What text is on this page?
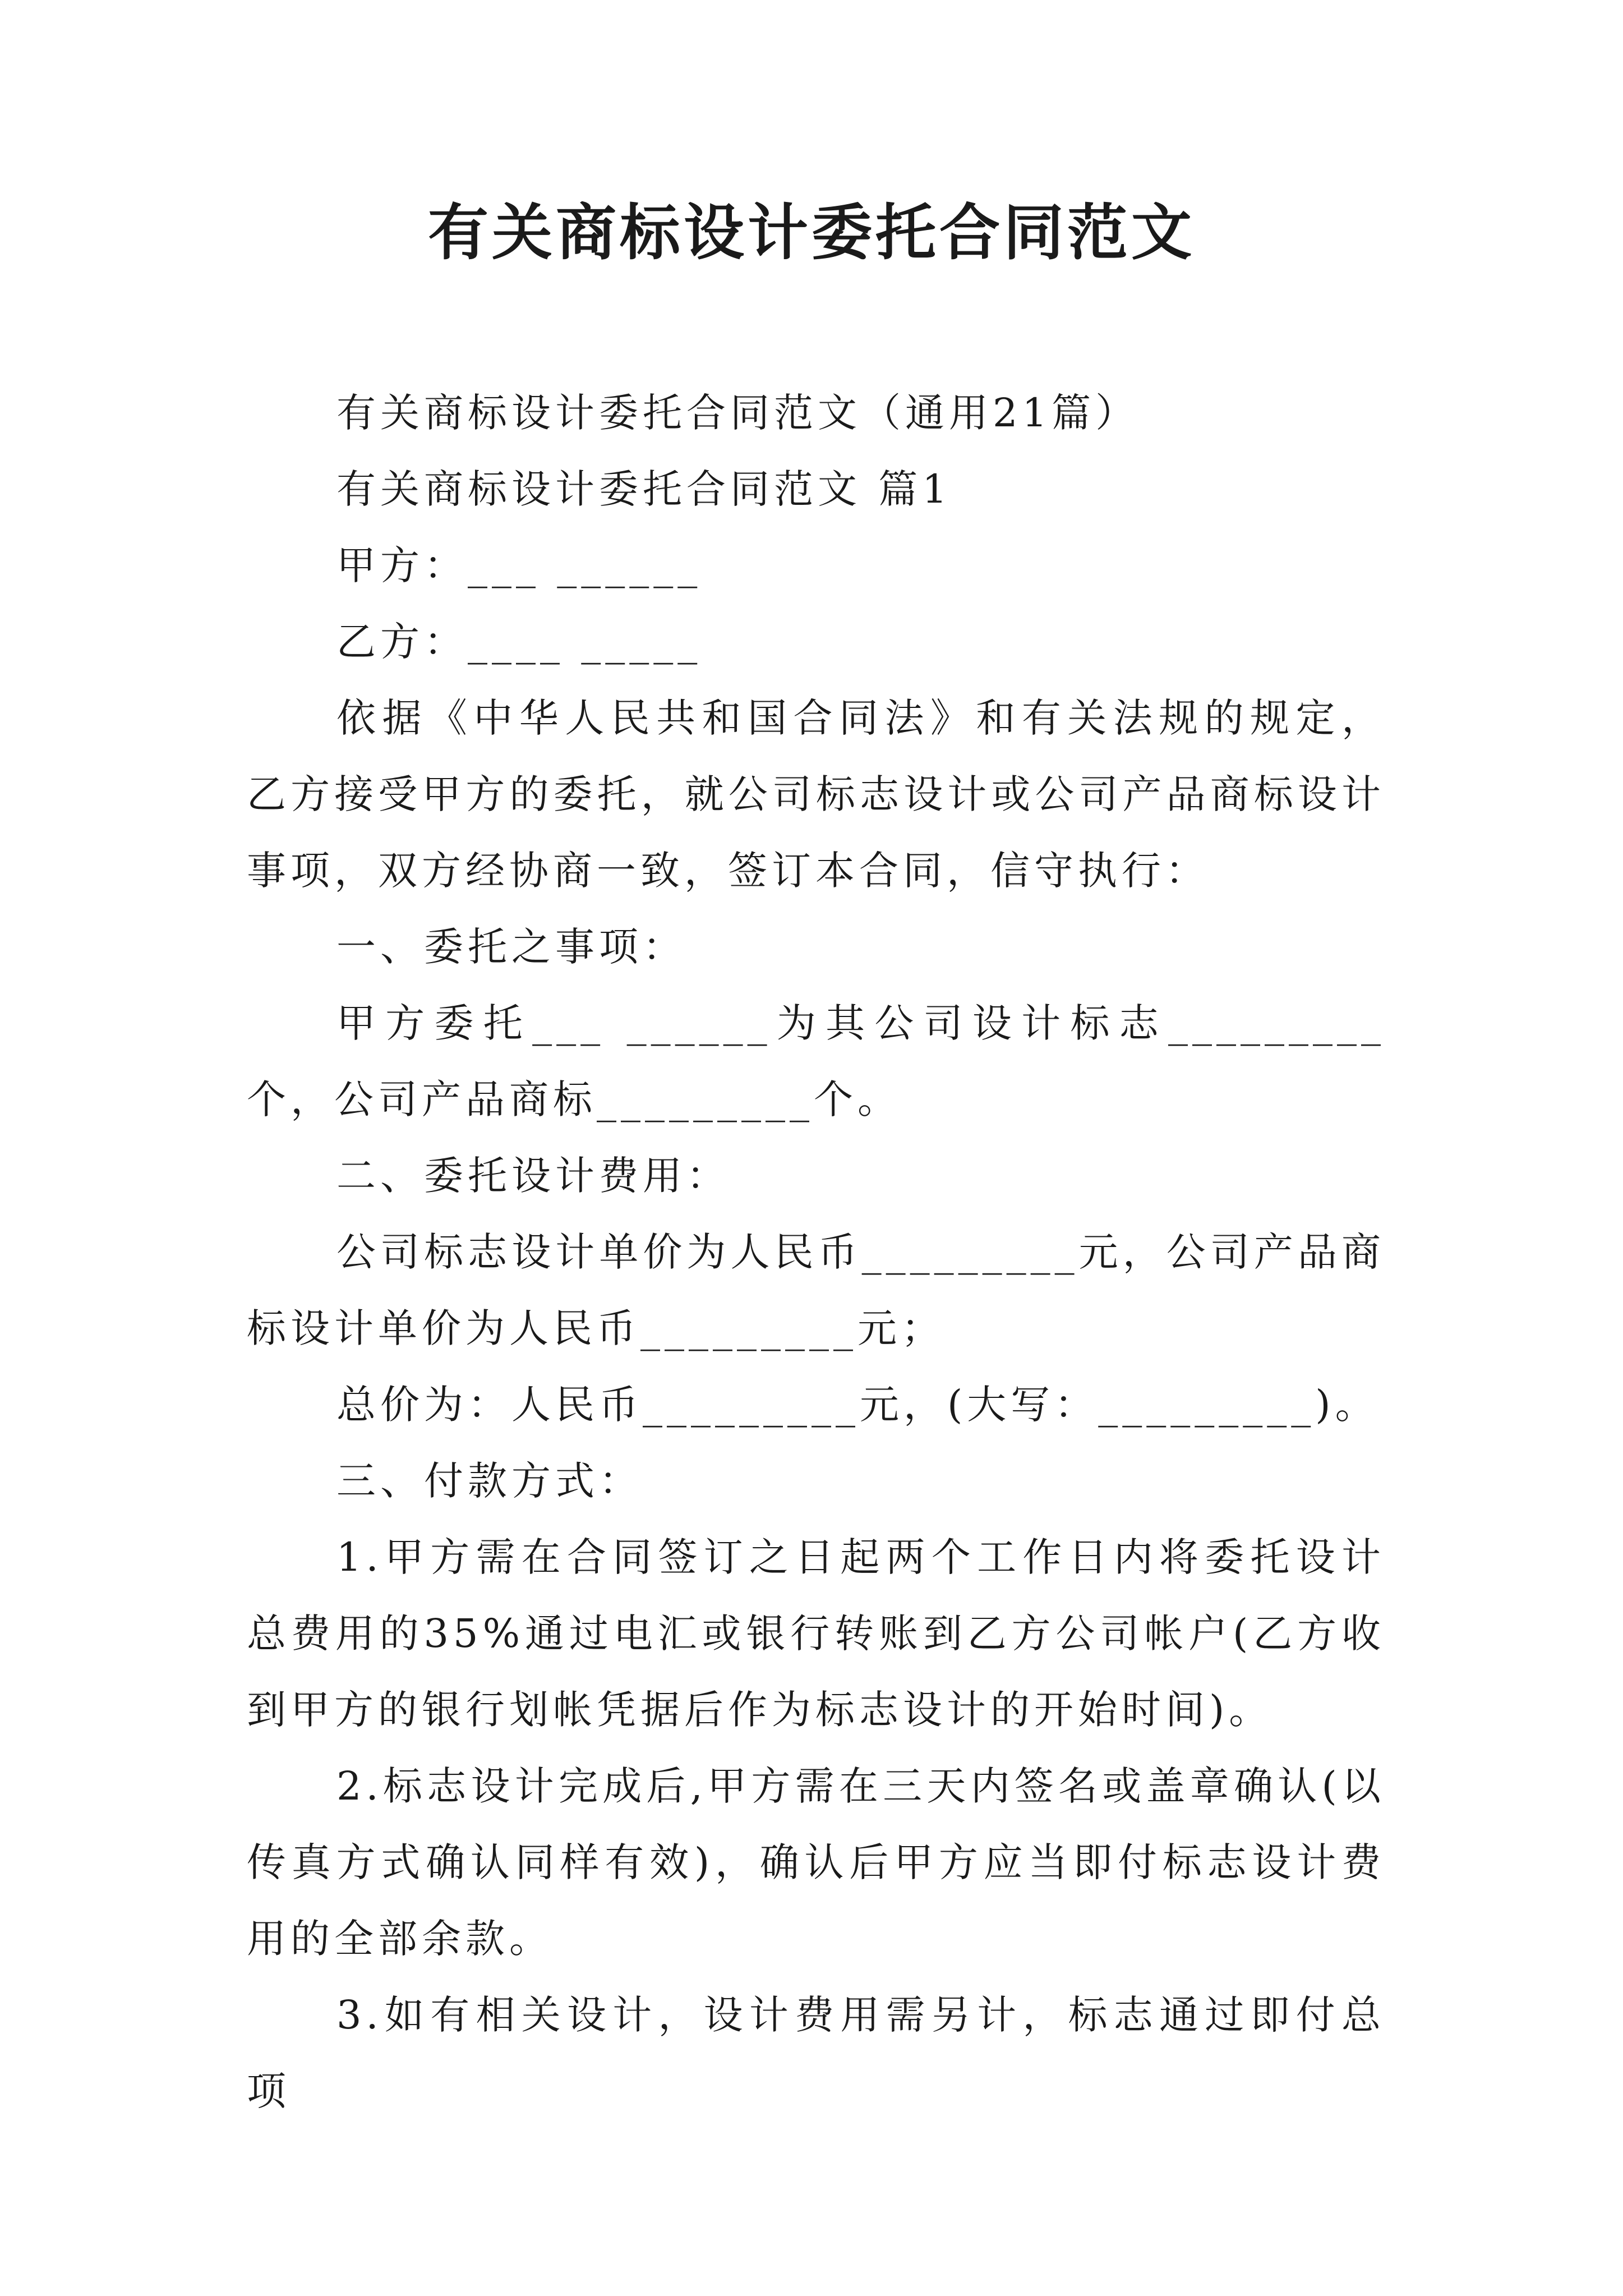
有关商标设计委托合同范文

有关商标设计委托合同范文（通用21篇）

有关商标设计委托合同范文 篇1

甲方：___ ______

乙方：____ _____

依据《中华人民共和国合同法》和有关法规的规定，乙方接受甲方的委托，就公司标志设计或公司产品商标设计事项，双方经协商一致，签订本合同，信守执行：

一、委托之事项：

甲方委托___ ______为其公司设计标志_________个，公司产品商标_________个。

二、委托设计费用：

公司标志设计单价为人民币_________元，公司产品商标设计单价为人民币_________元；

总价为：人民币_________元，(大写：_________)。

三、付款方式：

1.甲方需在合同签订之日起两个工作日内将委托设计总费用的35%通过电汇或银行转账到乙方公司帐户(乙方收到甲方的银行划帐凭据后作为标志设计的开始时间)。

2.标志设计完成后,甲方需在三天内签名或盖章确认(以传真方式确认同样有效)，确认后甲方应当即付标志设计费用的全部余款。

3.如有相关设计，设计费用需另计，标志通过即付总项
